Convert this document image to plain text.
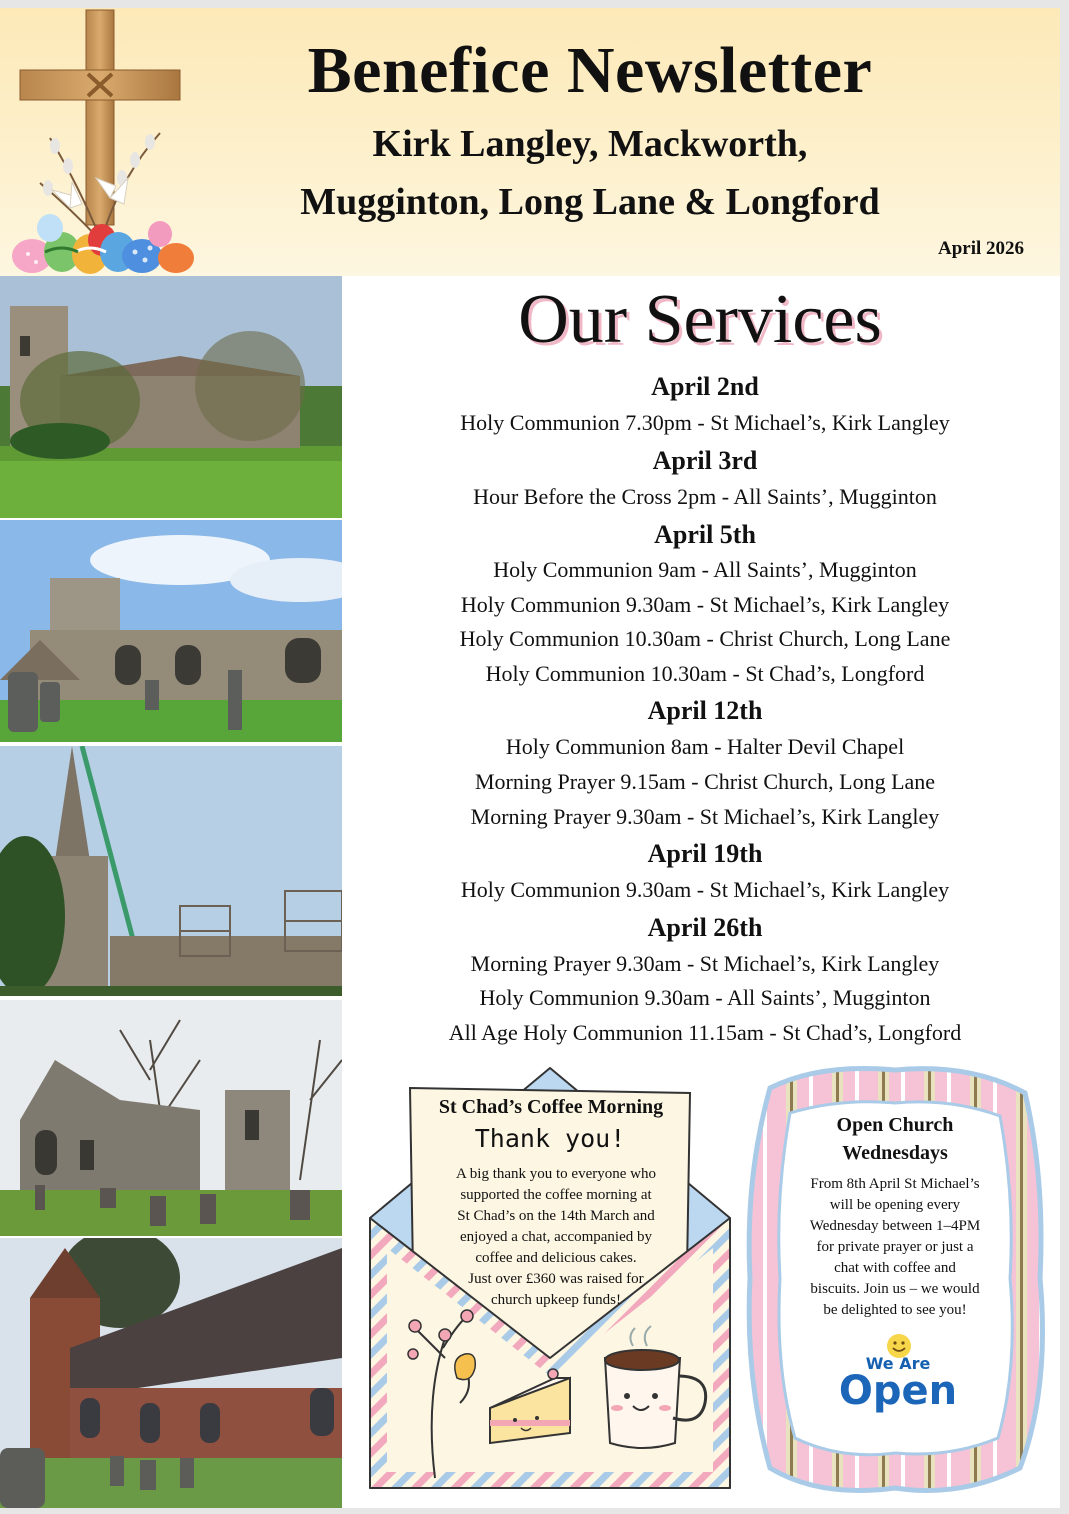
Benefice Newsletter
Kirk Langley, Mackworth,
Mugginton, Long Lane & Longford
April 2026
Our Services
April 2nd
Holy Communion 7.30pm - St Michael’s, Kirk Langley
April 3rd
Hour Before the Cross 2pm - All Saints’, Mugginton
April 5th
Holy Communion 9am - All Saints’, Mugginton
Holy Communion 9.30am - St Michael’s, Kirk Langley
Holy Communion 10.30am - Christ Church, Long Lane
Holy Communion 10.30am - St Chad’s, Longford
April 12th
Holy Communion 8am - Halter Devil Chapel
Morning Prayer 9.15am - Christ Church, Long Lane
Morning Prayer 9.30am - St Michael’s, Kirk Langley
April 19th
Holy Communion 9.30am - St Michael’s, Kirk Langley
April 26th
Morning Prayer 9.30am - St Michael’s, Kirk Langley
Holy Communion 9.30am - All Saints’, Mugginton
All Age Holy Communion 11.15am - St Chad’s, Longford
St Chad’s Coffee Morning
Thank you!
A big thank you to everyone who
supported the coffee morning at
St Chad’s on the 14th March and
enjoyed a chat, accompanied by
coffee and delicious cakes.
Just over £360 was raised for
church upkeep funds!
Open Church
Wednesdays
From 8th April St Michael’s
will be opening every
Wednesday between 1–4PM
for private prayer or just a
chat with coffee and
biscuits. Join us – we would
be delighted to see you!
We Are
Open
